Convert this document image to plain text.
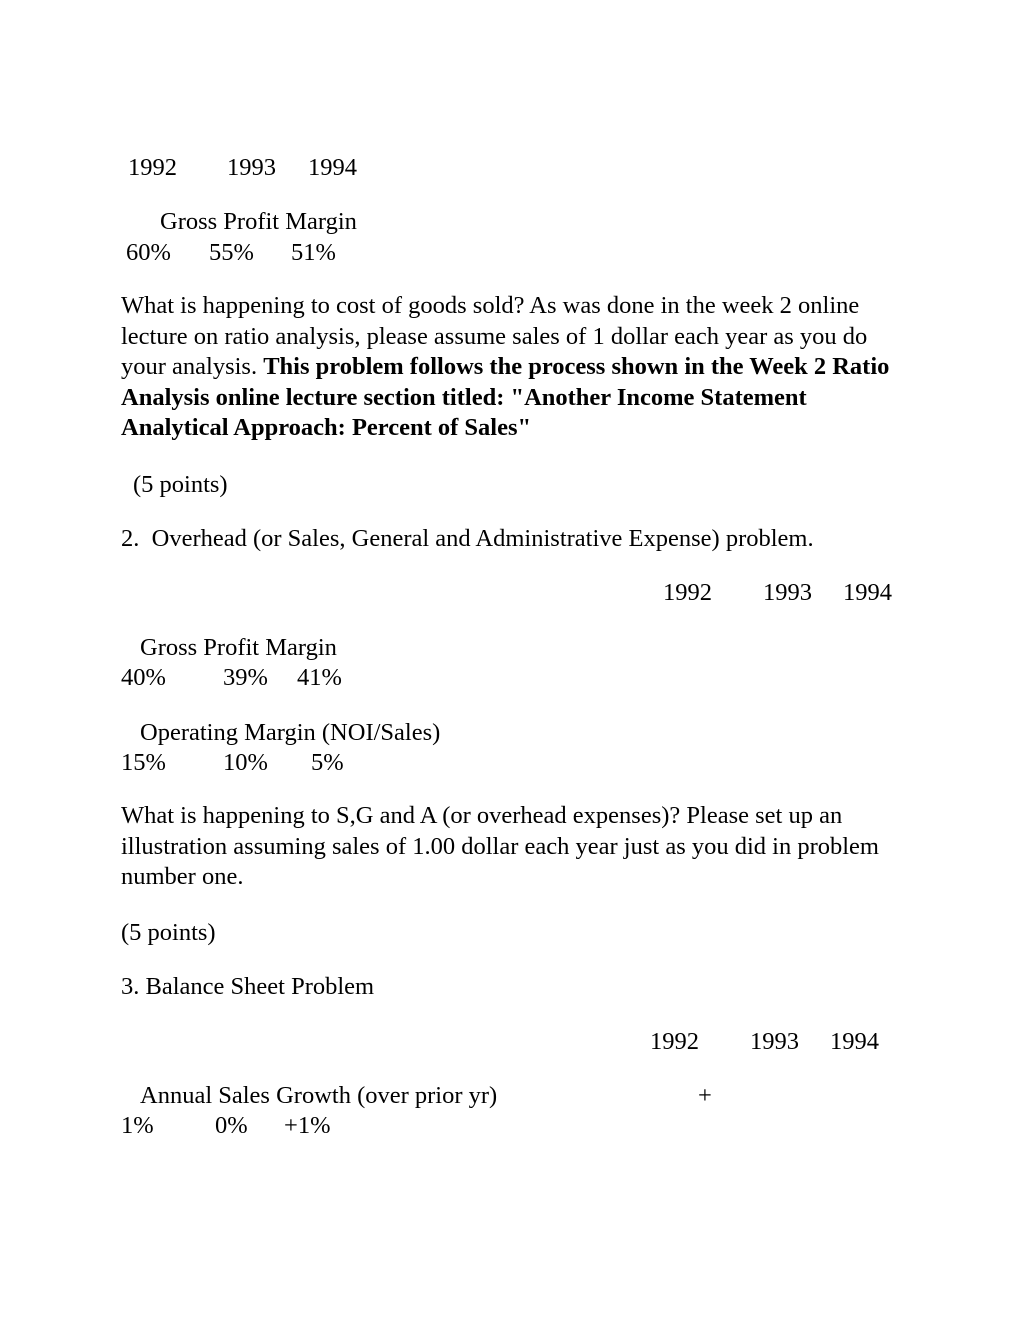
1992 1993 1994
Gross Profit Margin
60% 55% 51%
What is happening to cost of goods sold? As was done in the week 2 online lecture on ratio analysis, please assume sales of 1 dollar each year as you do your analysis. This problem follows the process shown in the Week 2 Ratio Analysis online lecture section titled: "Another Income Statement Analytical Approach: Percent of Sales"
(5 points)
2.  Overhead (or Sales, General and Administrative Expense) problem.
1992 1993 1994
Gross Profit Margin
40% 39% 41%
Operating Margin (NOI/Sales)
15% 10% 5%
What is happening to S,G and A (or overhead expenses)? Please set up an illustration assuming sales of 1.00 dollar each year just as you did in problem number one.
(5 points)
3. Balance Sheet Problem
1992 1993 1994
Annual Sales Growth (over prior yr)	+
1%	0% +1%
